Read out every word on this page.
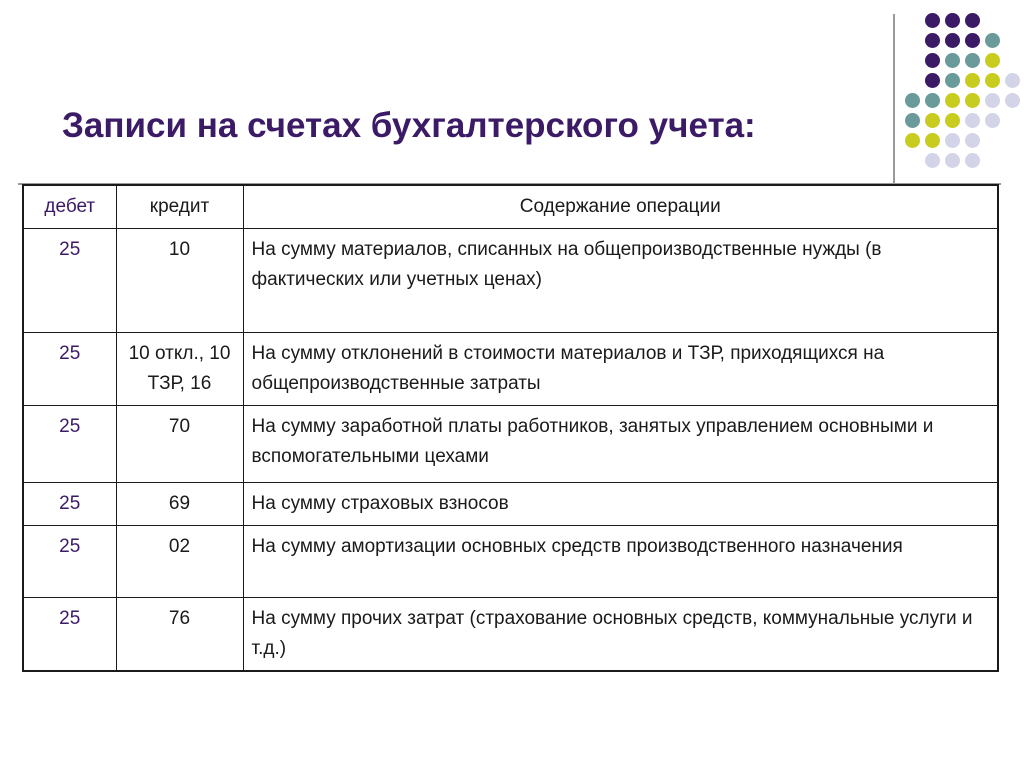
Записи на счетах бухгалтерского учета:
дебет	кредит	Содержание операции
25	10	На сумму материалов, списанных на общепроизводственные нужды (в фактических или учетных ценах)
25	10 откл., 10 ТЗР, 16	На сумму отклонений в стоимости материалов и ТЗР, приходящихся на общепроизводственные затраты
25	70	На сумму заработной платы работников, занятых управлением основными и вспомогательными цехами
25	69	На сумму страховых взносов
25	02	На сумму амортизации основных средств производственного назначения
25	76	На сумму прочих затрат (страхование основных средств, коммунальные услуги и т.д.)
